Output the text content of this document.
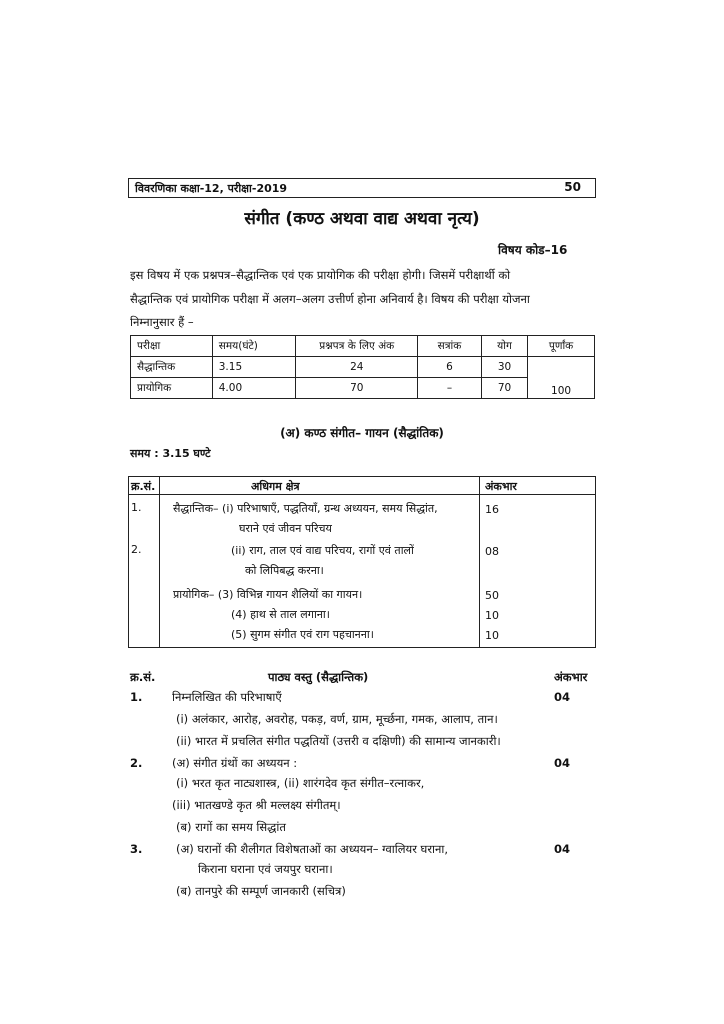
विवरणिका कक्षा-12, परीक्षा-2019	50
संगीत (कण्ठ अथवा वाद्य अथवा नृत्य)
विषय कोड–16
इस विषय में एक प्रश्नपत्र–सैद्धान्तिक एवं एक प्रायोगिक की परीक्षा होगी। जिसमें परीक्षार्थी को
सैद्धान्तिक एवं प्रायोगिक परीक्षा में अलग–अलग उत्तीर्ण होना अनिवार्य है। विषय की परीक्षा योजना
निम्नानुसार हैं –
परीक्षा	समय(घंटे)	प्रश्नपत्र के लिए अंक	सत्रांक	योग	पूर्णांक
सैद्धान्तिक	3.15	24	6	30	100
प्रायोगिक	4.00	70	–	70	
(अ) कण्ठ संगीत– गायन (सैद्धांतिक)
समय : 3.15 घण्टे
क्र.सं.	अधिगम क्षेत्र	अंकभार
1.	सैद्धान्तिक– (i) परिभाषाएँ, पद्धतियाँ, ग्रन्थ अध्ययन, समय सिद्धांत,
घराने एवं जीवन परिचय
16
2.	(ii) राग, ताल एवं वाद्य परिचय, रागों एवं तालों
को लिपिबद्ध करना।
08
प्रायोगिक– (3) विभिन्न गायन शैलियों का गायन।	50
(4) हाथ से ताल लगाना।	10
(5) सुगम संगीत एवं राग पहचानना।	10
क्र.सं.	पाठ्य वस्तु (सैद्धान्तिक)	अंकभार
1.	निम्नलिखित की परिभाषाएँ	04
(i) अलंकार, आरोह, अवरोह, पकड़, वर्ण, ग्राम, मूर्च्छना, गमक, आलाप, तान।
(ii) भारत में प्रचलित संगीत पद्धतियों (उत्तरी व दक्षिणी) की सामान्य जानकारी।
2.	(अ) संगीत ग्रंथों का अध्ययन :	04
(i) भरत कृत नाट्यशास्त्र, (ii) शारंगदेव कृत संगीत–रत्नाकर,
(iii) भातखण्डे कृत श्री मल्लक्ष्य संगीतम्।
(ब) रागों का समय सिद्धांत
3.	(अ) घरानों की शैलीगत विशेषताओं का अध्ययन– ग्वालियर घराना,	04
किराना घराना एवं जयपुर घराना।
(ब) तानपुरे की सम्पूर्ण जानकारी (सचित्र)
